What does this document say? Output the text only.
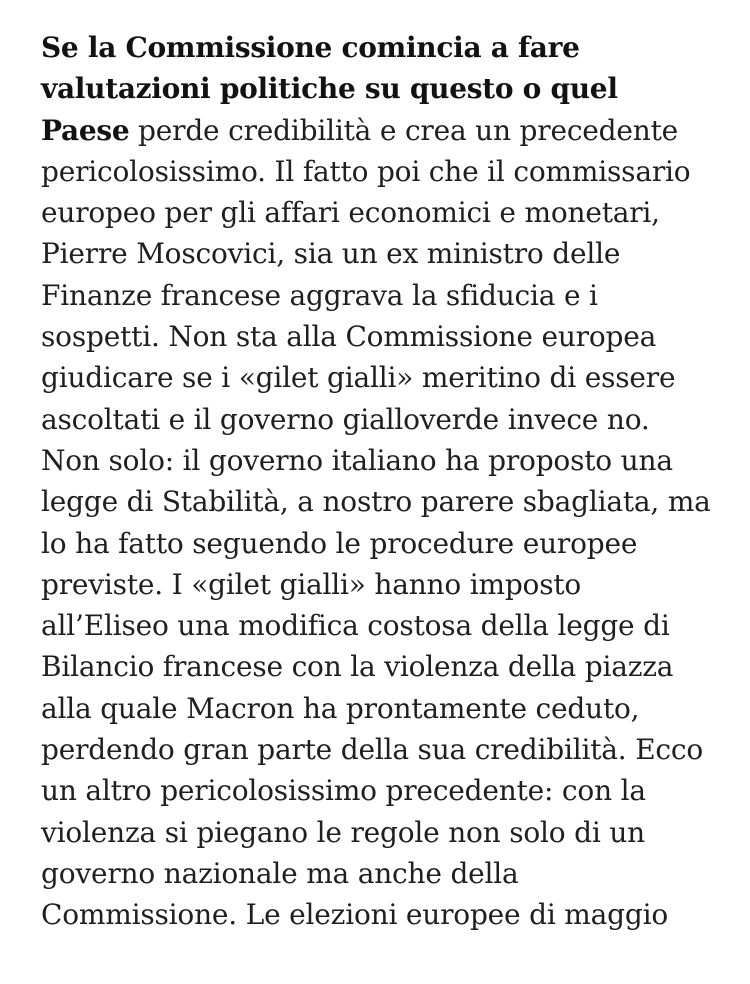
Se la Commissione comincia a fare
valutazioni politiche su questo o quel
Paese perde credibilità e crea un precedente
pericolosissimo. Il fatto poi che il commissario
europeo per gli affari economici e monetari,
Pierre Moscovici, sia un ex ministro delle
Finanze francese aggrava la sfiducia e i
sospetti. Non sta alla Commissione europea
giudicare se i «gilet gialli» meritino di essere
ascoltati e il governo gialloverde invece no.
Non solo: il governo italiano ha proposto una
legge di Stabilità, a nostro parere sbagliata, ma
lo ha fatto seguendo le procedure europee
previste. I «gilet gialli» hanno imposto
all’Eliseo una modifica costosa della legge di
Bilancio francese con la violenza della piazza
alla quale Macron ha prontamente ceduto,
perdendo gran parte della sua credibilità. Ecco
un altro pericolosissimo precedente: con la
violenza si piegano le regole non solo di un
governo nazionale ma anche della
Commissione. Le elezioni europee di maggio
